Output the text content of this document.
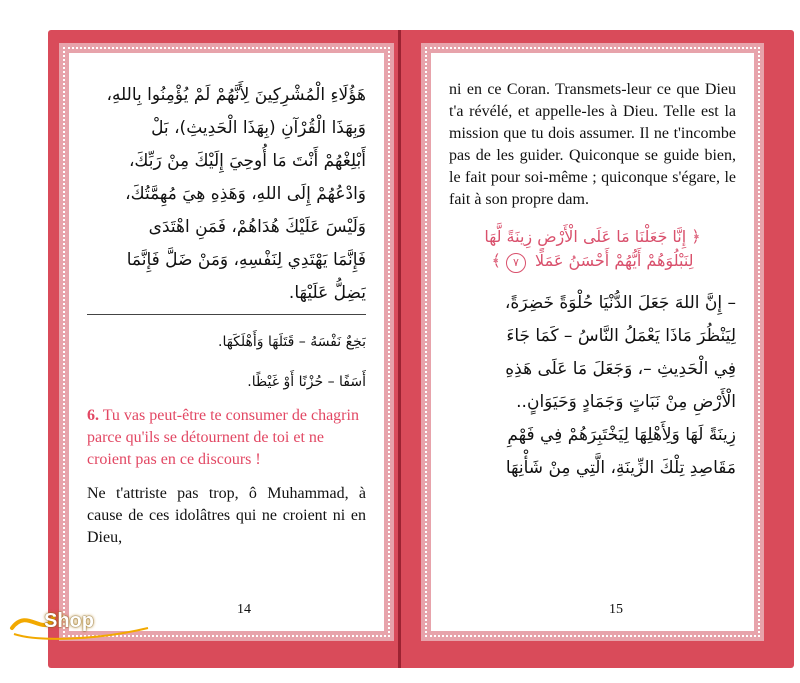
هَؤُلَاءِ الْمُشْرِكِينَ لِأَنَّهُمْ لَمْ يُؤْمِنُوا بِاللهِ،

وَبِهَذَا الْقُرْآنِ (بِهَذَا الْحَدِيثِ)، بَلْ

أَبْلِغْهُمْ أَنْتَ مَا أُوحِيَ إِلَيْكَ مِنْ رَبِّكَ،

وَادْعُهُمْ إِلَى اللهِ، وَهَذِهِ هِيَ مُهِمَّتُكَ،

وَلَيْسَ عَلَيْكَ هُدَاهُمْ، فَمَنِ اهْتَدَى

فَإِنَّمَا يَهْتَدِي لِنَفْسِهِ، وَمَنْ ضَلَّ فَإِنَّمَا

يَضِلُّ عَلَيْهَا.

بَخِعٌ نَفْسَهُ – قَتَلَهَا وَأَهْلَكَهَا.

أَسَفًا – حُزْنًا أَوْ غَيْظًا.

6. Tu vas peut-être te consumer de chagrin parce qu'ils se détournent de toi et ne croient pas en ce discours !

Ne t'attriste pas trop, ô Muhammad, à cause de ces idolâtres qui ne croient ni en Dieu,

14

ni en ce Coran. Transmets-leur ce que Dieu t'a révélé, et appelle-les à Dieu. Telle est la mission que tu dois assumer. Il ne t'incombe pas de les guider. Quiconque se guide bien, le fait pour soi-même ; quiconque s'égare, le fait à son propre dam.

﴿ إِنَّا جَعَلْنَا مَا عَلَى الْأَرْضِ زِينَةً لَّهَا
لِنَبْلُوَهُمْ أَيُّهُمْ أَحْسَنُ عَمَلًا ٧ ﴾

– إِنَّ اللهَ جَعَلَ الدُّنْيَا حُلْوَةً خَضِرَةً،

لِيَنْظُرَ مَاذَا يَعْمَلُ النَّاسُ – كَمَا جَاءَ

فِي الْحَدِيثِ –، وَجَعَلَ مَا عَلَى هَذِهِ

الْأَرْضِ مِنْ نَبَاتٍ وَجَمَادٍ وَحَيَوَانٍ..

زِينَةً لَهَا وَلِأَهْلِهَا لِيَخْتَبِرَهُمْ فِي فَهْمِ

مَقَاصِدِ تِلْكَ الزِّينَةِ، الَّتِي مِنْ شَأْنِهَا

15
Shop
